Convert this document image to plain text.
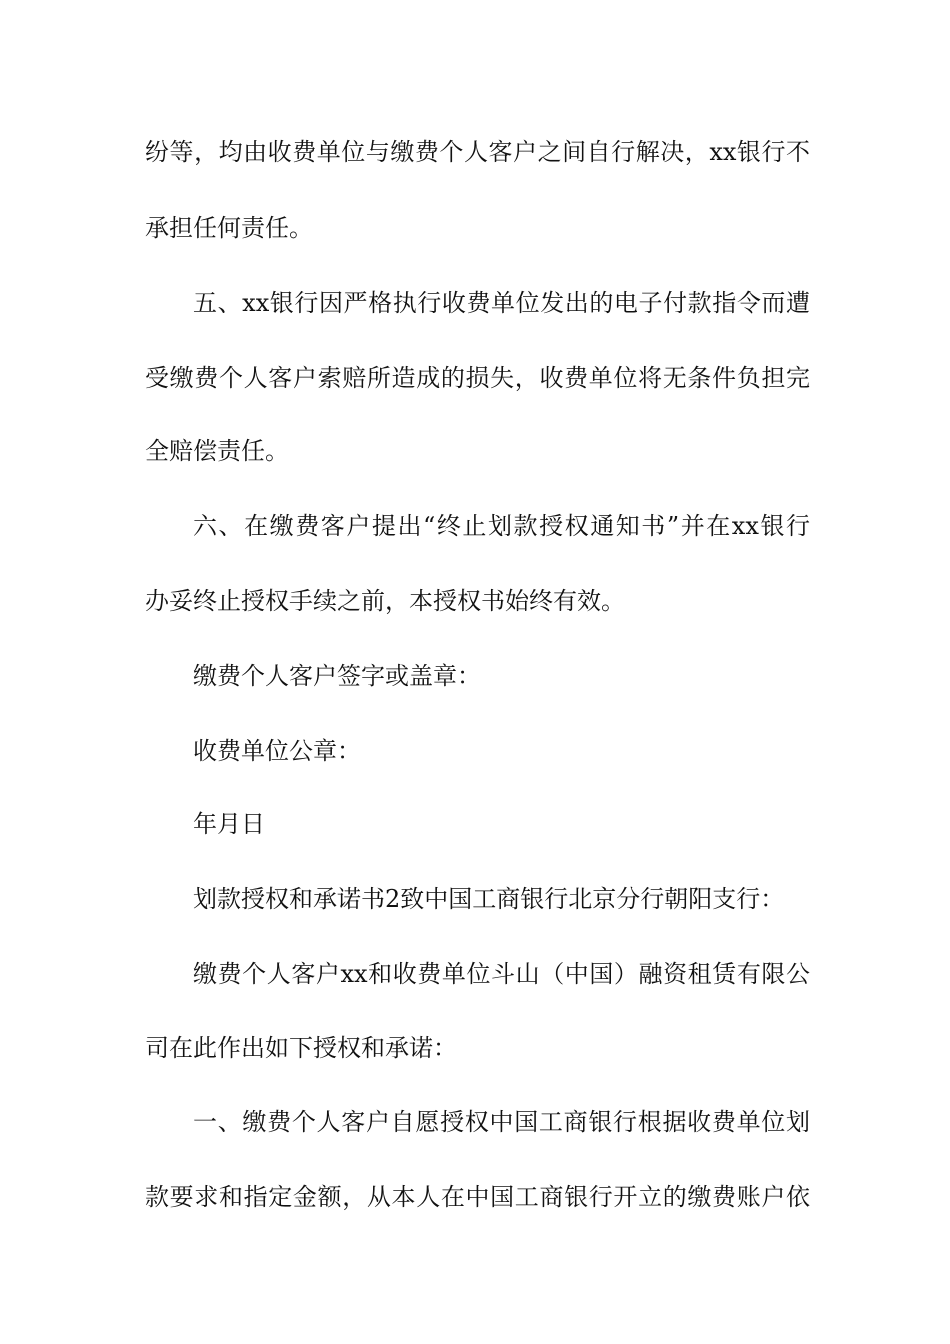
纷等，均由收费单位与缴费个人客户之间自行解决，xx银行不
承担任何责任。
五、xx银行因严格执行收费单位发出的电子付款指令而遭
受缴费个人客户索赔所造成的损失，收费单位将无条件负担完
全赔偿责任。
六、在缴费客户提出“终止划款授权通知书”并在xx银行
办妥终止授权手续之前，本授权书始终有效。
缴费个人客户签字或盖章：
收费单位公章：
年月日
划款授权和承诺书2致中国工商银行北京分行朝阳支行：
缴费个人客户xx和收费单位斗山（中国）融资租赁有限公
司在此作出如下授权和承诺：
一、缴费个人客户自愿授权中国工商银行根据收费单位划
款要求和指定金额，从本人在中国工商银行开立的缴费账户依
